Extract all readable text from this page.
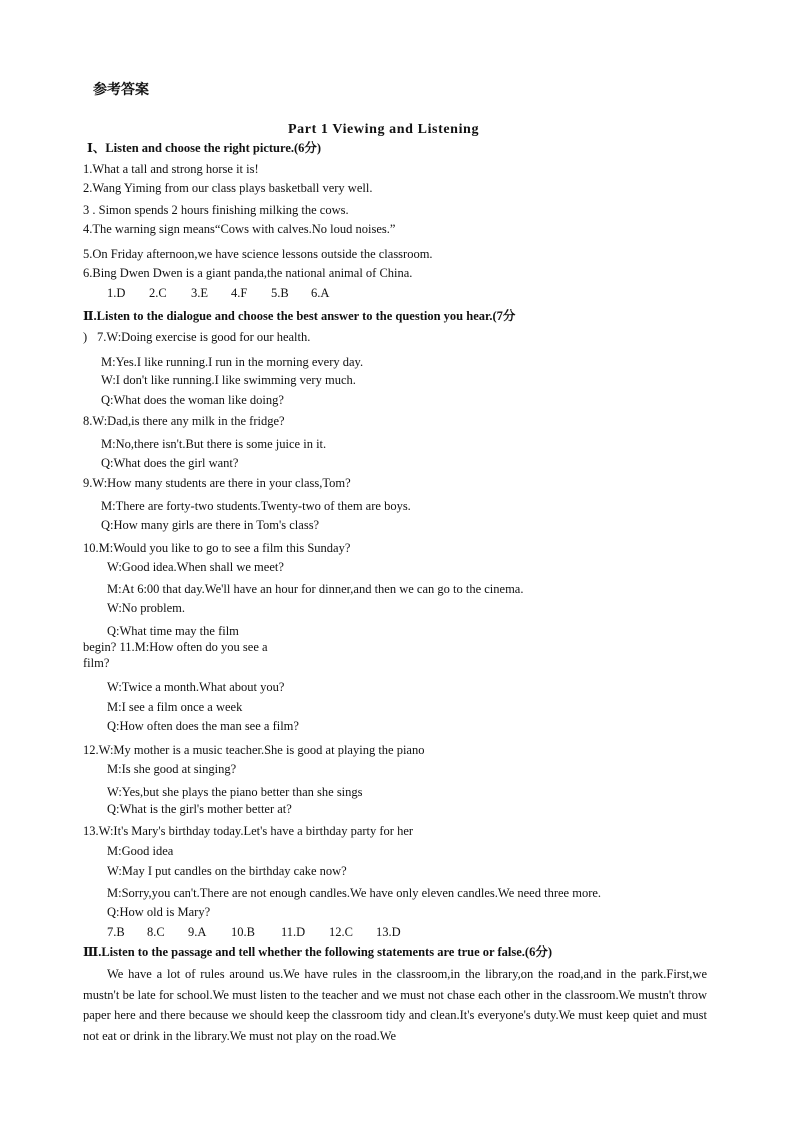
参考答案
Part 1 Viewing and Listening
Ⅰ、Listen and choose the right picture.(6分)
1.What a tall and strong horse it is!
2.Wang Yiming from our class plays basketball very well.
3 . Simon spends 2 hours finishing milking the cows.
4.The warning sign means“Cows with calves.No loud noises.”
5.On Friday afternoon,we have science lessons outside the classroom.
6.Bing Dwen Dwen is a giant panda,the national animal of China.
1.D 2.C 3.E 4.F 5.B 6.A
Ⅱ.Listen to the dialogue and choose the best answer to the question you hear.(7分
) 7.W:Doing exercise is good for our health.
M:Yes.I like running.I run in the morning every day.
W:I don't like running.I like swimming very much.
Q:What does the woman like doing?
8.W:Dad,is there any milk in the fridge?
M:No,there isn't.But there is some juice in it.
Q:What does the girl want?
9.W:How many students are there in your class,Tom?
M:There are forty-two students.Twenty-two of them are boys.
Q:How many girls are there in Tom's class?
10.M:Would you like to go to see a film this Sunday?
W:Good idea.When shall we meet?
M:At 6:00 that day.We'll have an hour for dinner,and then we can go to the cinema.
W:No problem.
Q:What time may the film
begin? 11.M:How often do you see a
film?
W:Twice a month.What about you?
M:I see a film once a week
Q:How often does the man see a film?
12.W:My mother is a music teacher.She is good at playing the piano
M:Is she good at singing?
W:Yes,but she plays the piano better than she sings
Q:What is the girl's mother better at?
13.W:It's Mary's birthday today.Let's have a birthday party for her
M:Good idea
W:May I put candles on the birthday cake now?
M:Sorry,you can't.There are not enough candles.We have only eleven candles.We need three more.
Q:How old is Mary?
7.B 8.C 9.A 10.B 11.D 12.C 13.D
Ⅲ.Listen to the passage and tell whether the following statements are true or false.(6分)
We have a lot of rules around us.We have rules in the classroom,in the library,on the road,and in the park.First,we mustn't be late for school.We must listen to the teacher and we must not chase each other in the classroom.We mustn't throw paper here and there because we should keep the classroom tidy and clean.It's everyone's duty.We must keep quiet and must not eat or drink in the library.We must not play on the road.We
